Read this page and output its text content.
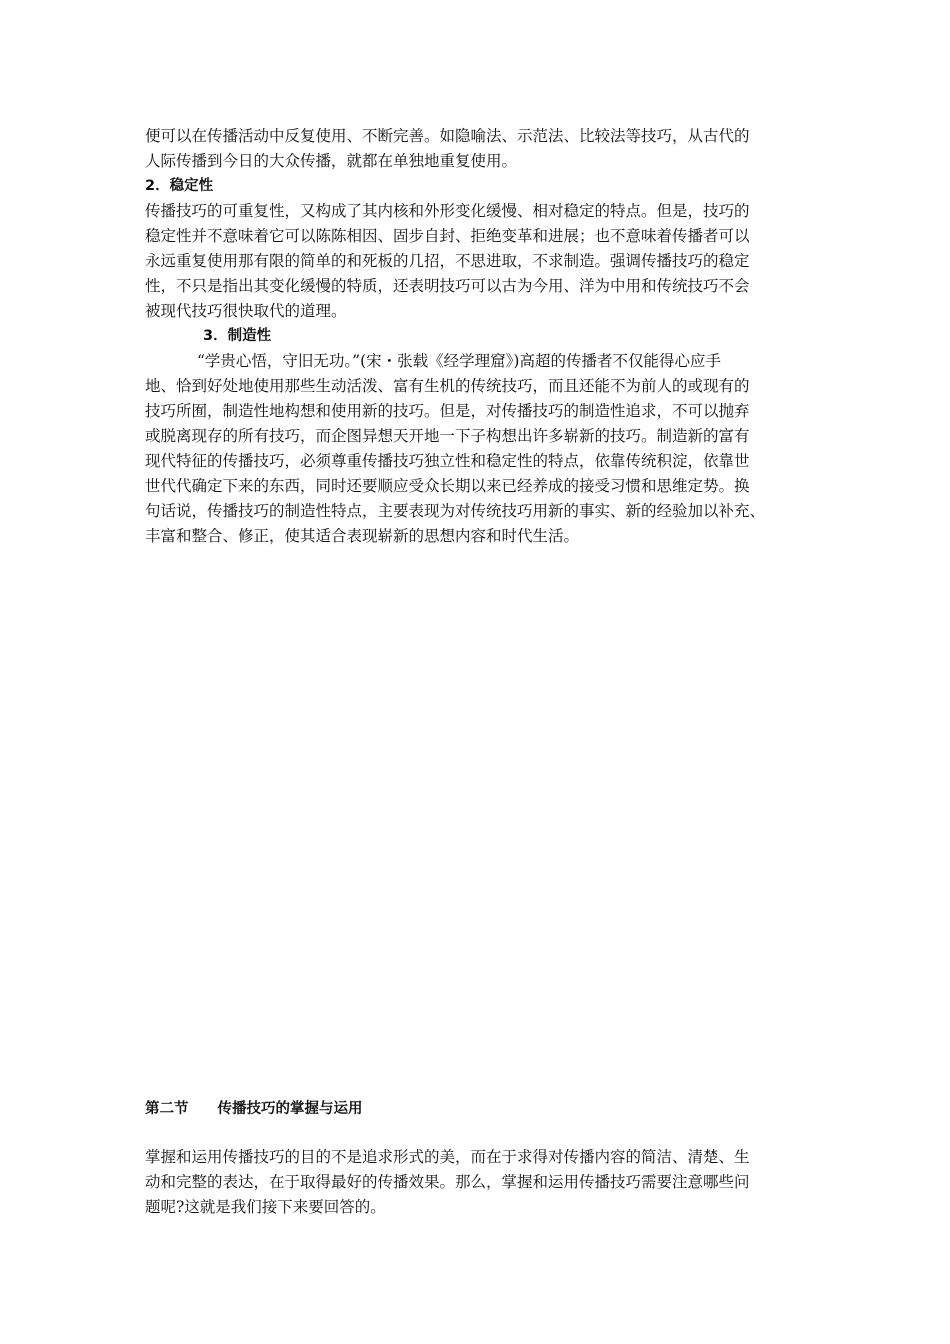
便可以在传播活动中反复使用、不断完善。如隐喻法、示范法、比较法等技巧，从古代的
人际传播到今日的大众传播，就都在单独地重复使用。
2．稳定性
传播技巧的可重复性，又构成了其内核和外形变化缓慢、相对稳定的特点。但是，技巧的
稳定性并不意味着它可以陈陈相因、固步自封、拒绝变革和进展；也不意味着传播者可以
永远重复使用那有限的简单的和死板的几招，不思进取，不求制造。强调传播技巧的稳定
性，不只是指出其变化缓慢的特质，还表明技巧可以古为今用、洋为中用和传统技巧不会
被现代技巧很快取代的道理。
3．制造性
“学贵心悟，守旧无功。”(宋・张载《经学理窟》)高超的传播者不仅能得心应手
地、恰到好处地使用那些生动活泼、富有生机的传统技巧，而且还能不为前人的或现有的
技巧所囿，制造性地构想和使用新的技巧。但是，对传播技巧的制造性追求，不可以抛弃
或脱离现存的所有技巧，而企图异想天开地一下子构想出许多崭新的技巧。制造新的富有
现代特征的传播技巧，必须尊重传播技巧独立性和稳定性的特点，依靠传统积淀，依靠世
世代代确定下来的东西，同时还要顺应受众长期以来已经养成的接受习惯和思维定势。换
句话说，传播技巧的制造性特点，主要表现为对传统技巧用新的事实、新的经验加以补充、
丰富和整合、修正，使其适合表现崭新的思想内容和时代生活。
第二节　　传播技巧的掌握与运用
掌握和运用传播技巧的目的不是追求形式的美，而在于求得对传播内容的简洁、清楚、生
动和完整的表达，在于取得最好的传播效果。那么，掌握和运用传播技巧需要注意哪些问
题呢?这就是我们接下来要回答的。
